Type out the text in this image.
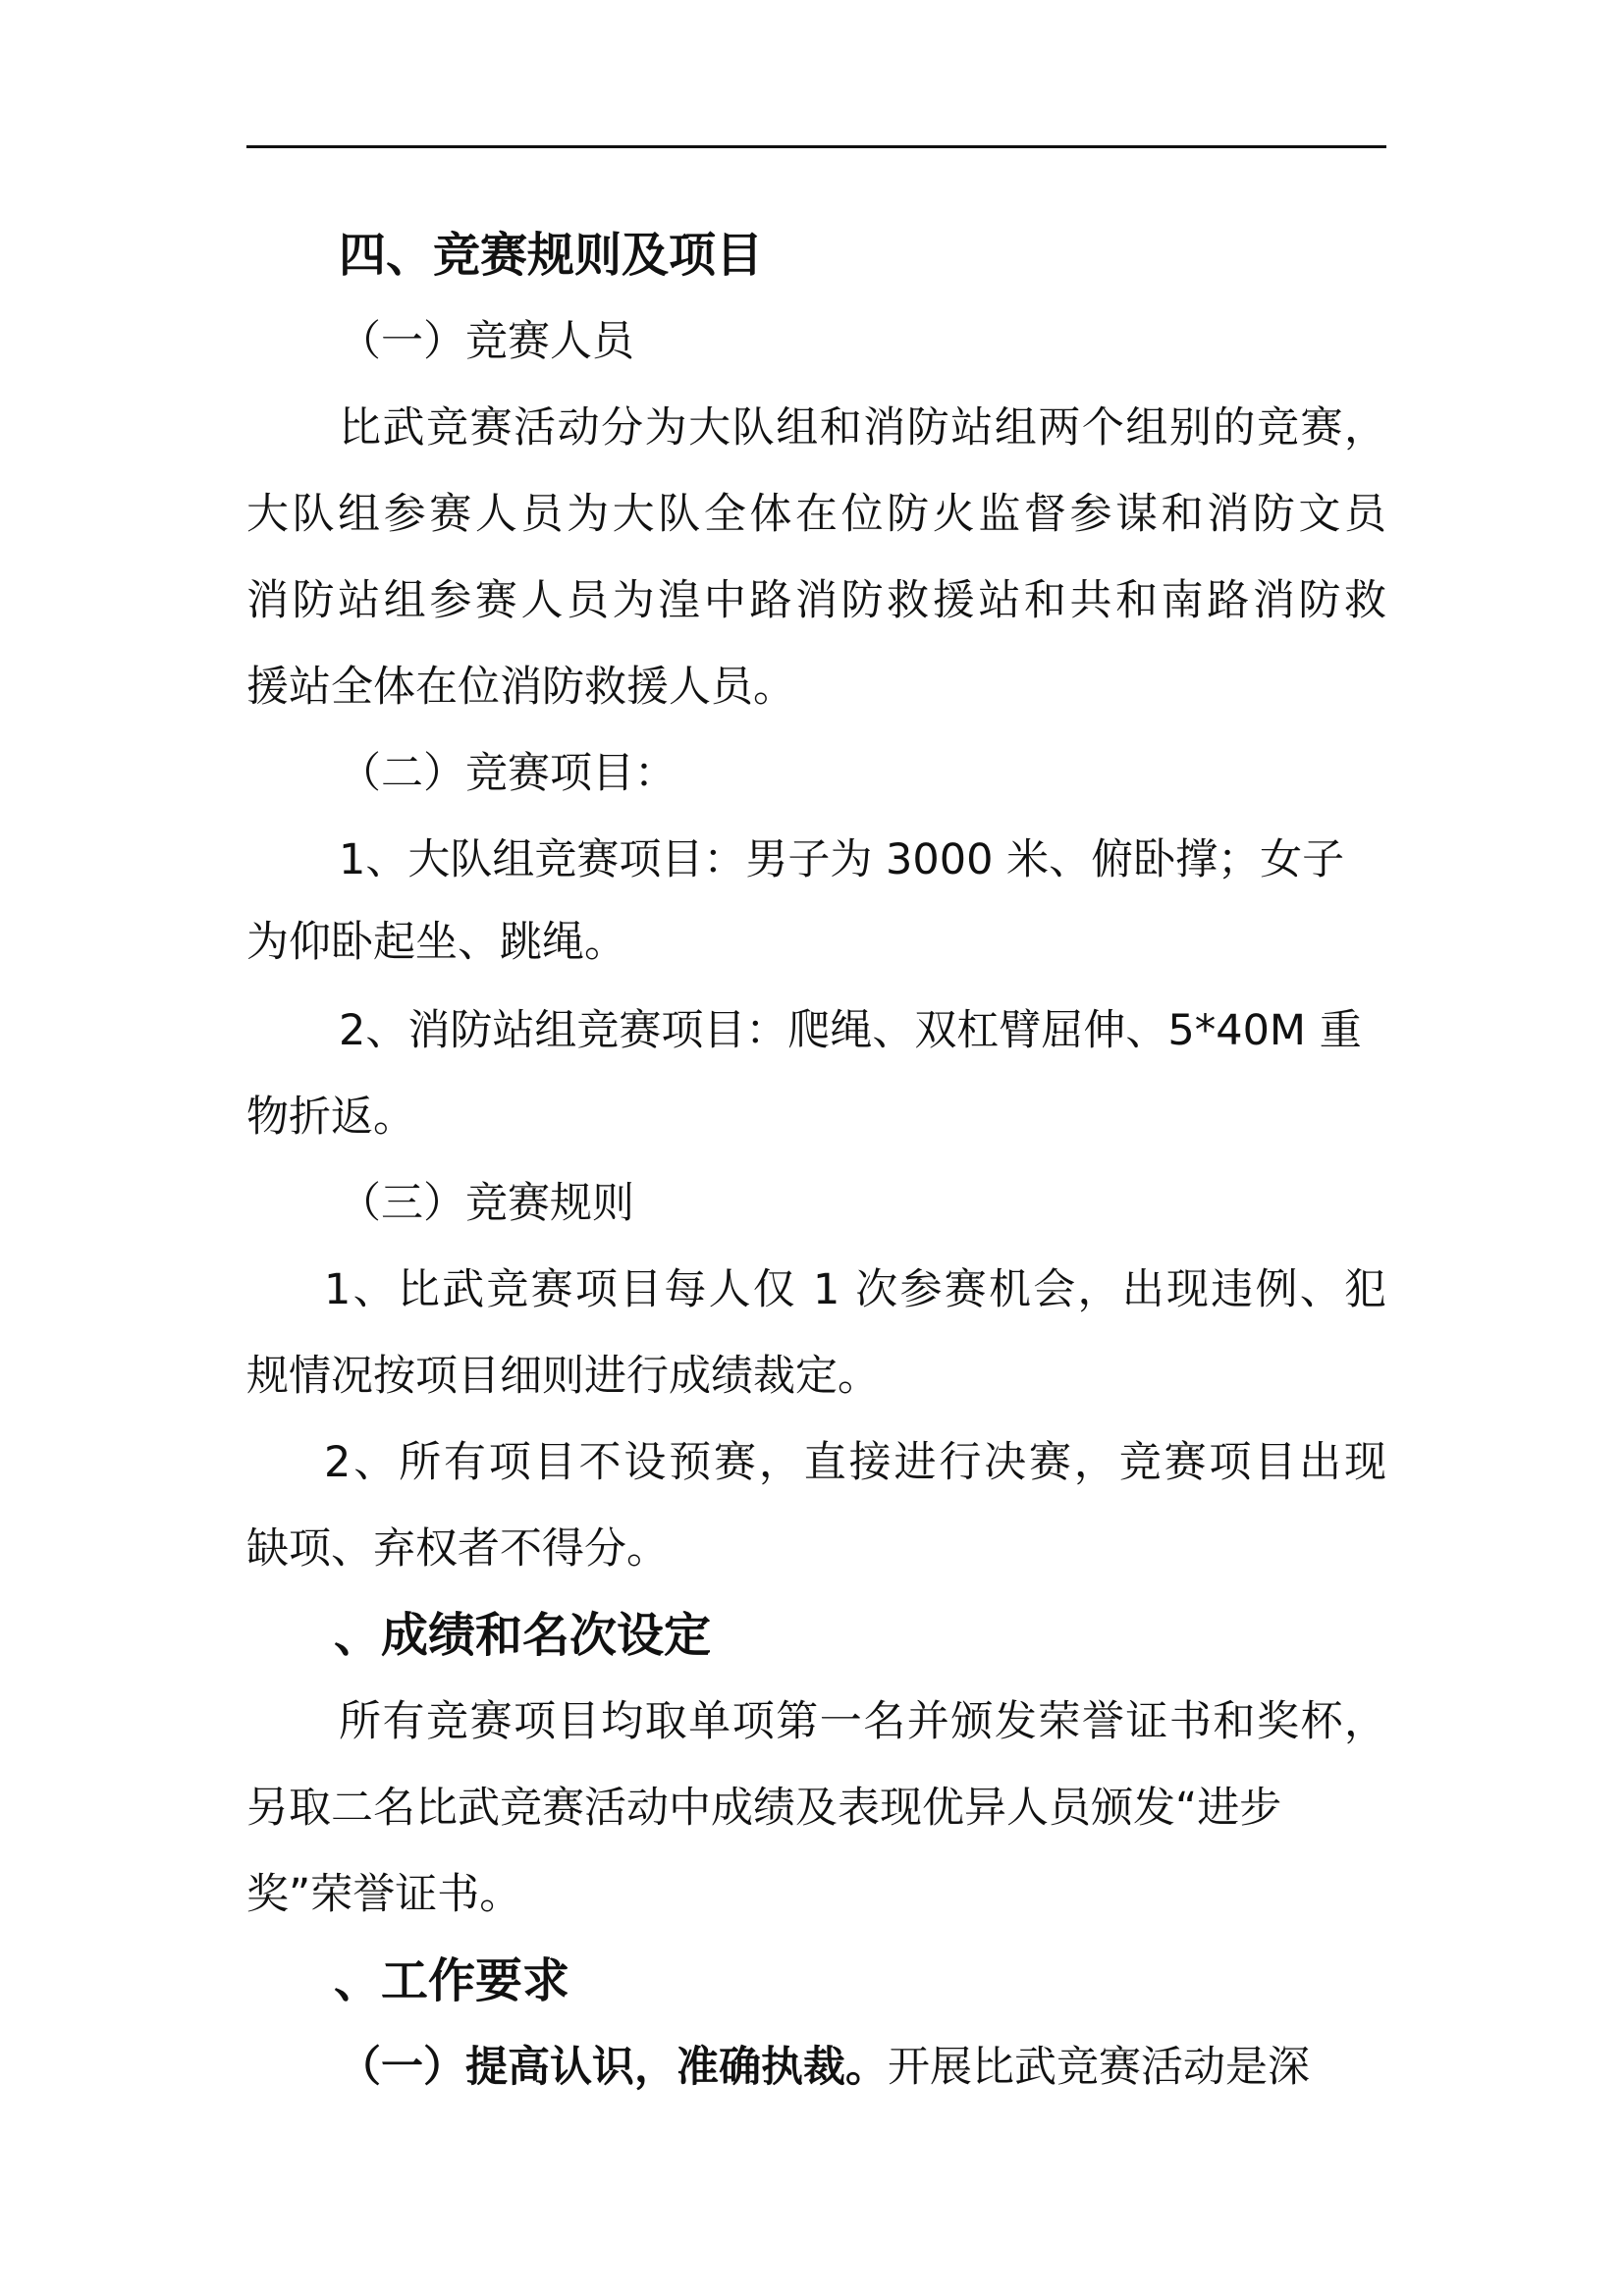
四、竞赛规则及项目
（一）竞赛人员
比武竞赛活动分为大队组和消防站组两个组别的竞赛，
大队组参赛人员为大队全体在位防火监督参谋和消防文员
消防站组参赛人员为湟中路消防救援站和共和南路消防救
援站全体在位消防救援人员。
（二）竞赛项目：
1、大队组竞赛项目：男子为 3000 米、俯卧撑；女子
为仰卧起坐、跳绳。
2、消防站组竞赛项目：爬绳、双杠臂屈伸、5*40M 重
物折返。
（三）竞赛规则
1、比武竞赛项目每人仅 1 次参赛机会，出现违例、犯
规情况按项目细则进行成绩裁定。
2、所有项目不设预赛，直接进行决赛，竞赛项目出现
缺项、弃权者不得分。
、成绩和名次设定
所有竞赛项目均取单项第一名并颁发荣誉证书和奖杯，
另取二名比武竞赛活动中成绩及表现优异人员颁发“进步
奖”荣誉证书。
、工作要求
（一）提高认识，准确执裁。开展比武竞赛活动是深
